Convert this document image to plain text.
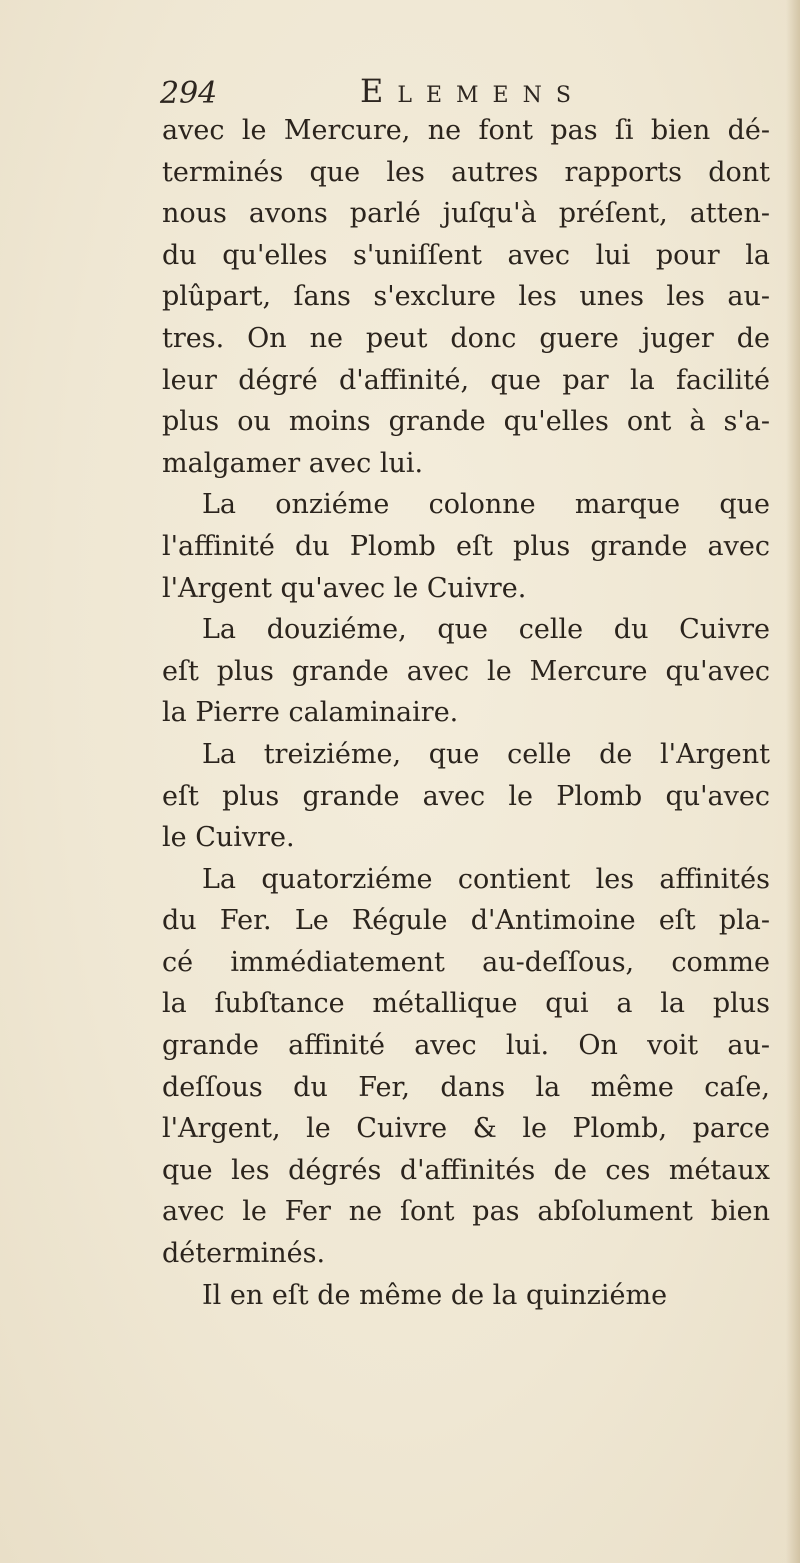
294	Elemens
avec le Mercure, ne font pas ſi bien dé-
terminés que les autres rapports dont
nous avons parlé juſqu'à préſent, atten-
du qu'elles s'uniſſent avec lui pour la
plûpart, ſans s'exclure les unes les au-
tres. On ne peut donc guere juger de
leur dégré d'affinité, que par la facilité
plus ou moins grande qu'elles ont à s'a-
malgamer avec lui.
La onziéme colonne marque que
l'affinité du Plomb eſt plus grande avec
l'Argent qu'avec le Cuivre.
La douziéme, que celle du Cuivre
eſt plus grande avec le Mercure qu'avec
la Pierre calaminaire.
La treiziéme, que celle de l'Argent
eſt plus grande avec le Plomb qu'avec
le Cuivre.
La quatorziéme contient les affinités
du Fer. Le Régule d'Antimoine eſt pla-
cé immédiatement au-deſſous, comme
la ſubſtance métallique qui a la plus
grande affinité avec lui. On voit au-
deſſous du Fer, dans la même caſe,
l'Argent, le Cuivre & le Plomb, parce
que les dégrés d'affinités de ces métaux
avec le Fer ne ſont pas abſolument bien
déterminés.
Il en eſt de même de la quinziéme
